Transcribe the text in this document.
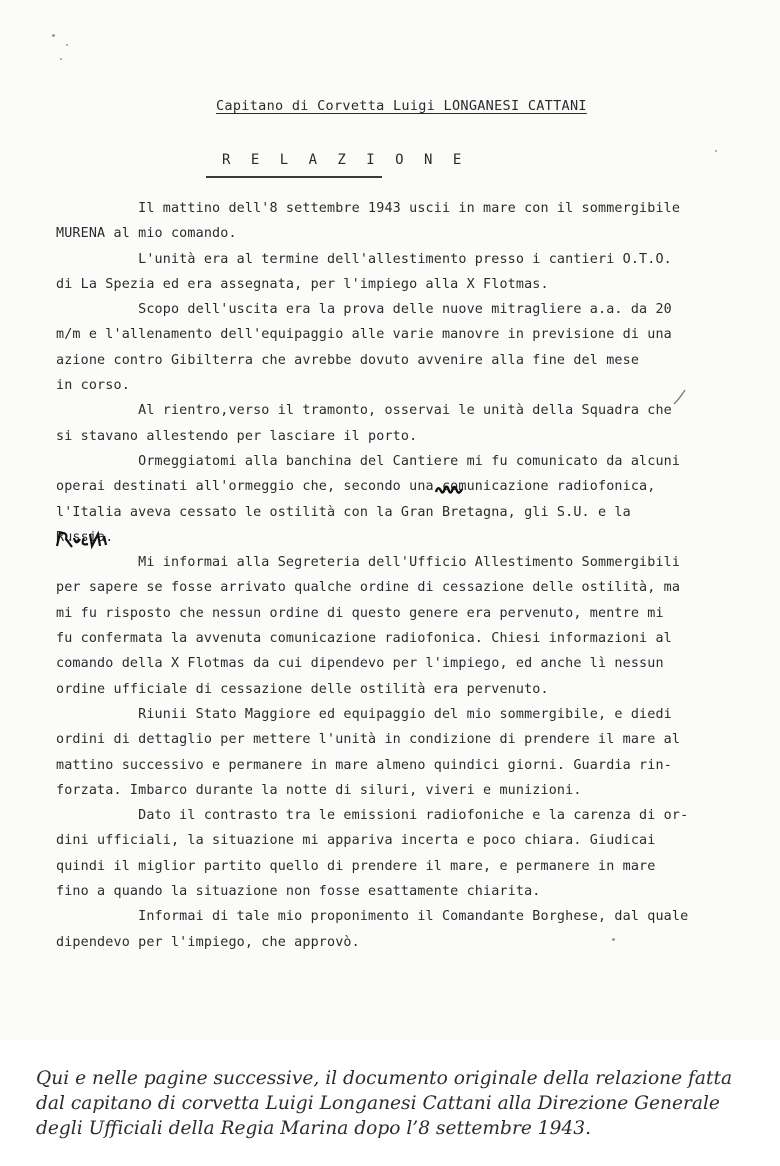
Capitano di Corvetta Luigi LONGANESI CATTANI
R E L A Z I O N E
Il mattino dell'8 settembre 1943 uscii in mare con il sommergibile
MURENA al mio comando.
L'unità era al termine dell'allestimento presso i cantieri O.T.O.
di La Spezia ed era assegnata, per l'impiego alla X Flotmas.
Scopo dell'uscita era la prova delle nuove mitragliere a.a. da 20
m/m e l'allenamento dell'equipaggio alle varie manovre in previsione di una
azione contro Gibilterra che avrebbe dovuto avvenire alla fine del mese
in corso.
Al rientro,verso il tramonto, osservai le unità della Squadra che
si stavano allestendo per lasciare il porto.
Ormeggiatomi alla banchina del Cantiere mi fu comunicato da alcuni
operai destinati all'ormeggio che, secondo una comunicazione radiofonica,
l'Italia aveva cessato le ostilità con la Gran Bretagna, gli S.U. e la
Russia.
Mi informai alla Segreteria dell'Ufficio Allestimento Sommergibili
per sapere se fosse arrivato qualche ordine di cessazione delle ostilità, ma
mi fu risposto che nessun ordine di questo genere era pervenuto, mentre mi
fu confermata la avvenuta comunicazione radiofonica. Chiesi informazioni al
comando della X Flotmas da cui dipendevo per l'impiego, ed anche lì nessun
ordine ufficiale di cessazione delle ostilità era pervenuto.
Riunii Stato Maggiore ed equipaggio del mio sommergibile, e diedi
ordini di dettaglio per mettere l'unità in condizione di prendere il mare al
mattino successivo e permanere in mare almeno quindici giorni. Guardia rin-
forzata. Imbarco durante la notte di siluri, viveri e munizioni.
Dato il contrasto tra le emissioni radiofoniche e la carenza di or-
dini ufficiali, la situazione mi appariva incerta e poco chiara. Giudicai
quindi il miglior partito quello di prendere il mare, e permanere in mare
fino a quando la situazione non fosse esattamente chiarita.
Informai di tale mio proponimento il Comandante Borghese, dal quale
dipendevo per l'impiego, che approvò.
Qui e nelle pagine successive, il documento originale della relazione fatta
dal capitano di corvetta Luigi Longanesi Cattani alla Direzione Generale
degli Ufficiali della Regia Marina dopo l’8 settembre 1943.
